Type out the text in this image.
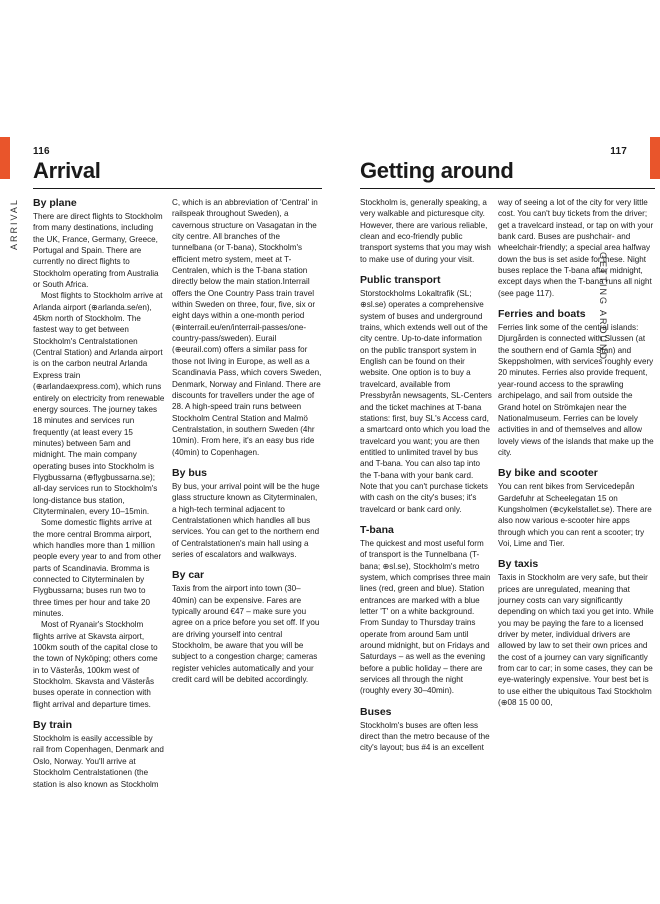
116	117
Arrival	Getting around
ARRIVAL
GETTING AROUND
By plane

There are direct flights to Stockholm from many destinations, including the UK, France, Germany, Greece, Portugal and Spain. There are currently no direct flights to Stockholm operating from Australia or South Africa.

Most flights to Stockholm arrive at Arlanda airport (⊕arlanda.se/en), 45km north of Stockholm. The fastest way to get between Stockholm's Centralstationen (Central Station) and Arlanda airport is on the carbon neutral Arlanda Express train (⊕arlandaexpress.com), which runs entirely on electricity from renewable energy sources. The journey takes 18 minutes and services run frequently (at least every 15 minutes) between 5am and midnight. The main company operating buses into Stockholm is Flygbussarna (⊕flygbussarna.se); all-day services run to Stockholm's long-distance bus station, Cityterminalen, every 10–15min.

Some domestic flights arrive at the more central Bromma airport, which handles more than 1 million people every year to and from other parts of Scandinavia. Bromma is connected to Cityterminalen by Flygbussarna; buses run two to three times per hour and take 20 minutes.

Most of Ryanair's Stockholm flights arrive at Skavsta airport, 100km south of the capital close to the town of Nyköping; others come in to Västerås, 100km west of Stockholm. Skavsta and Västerås buses operate in connection with flight arrival and departure times.

By train

Stockholm is easily accessible by rail from Copenhagen, Denmark and Oslo, Norway. You'll arrive at Stockholm Centralstationen (the station is also known as Stockholm

C, which is an abbreviation of 'Central' in railspeak throughout Sweden), a cavernous structure on Vasagatan in the city centre. All branches of the tunnelbana (or T-bana), Stockholm's efficient metro system, meet at T-Centralen, which is the T-bana station directly below the main station.Interrail offers the One Country Pass train travel within Sweden on three, four, five, six or eight days within a one-month period (⊕interrail.eu/en/interrail-passes/one-country-pass/sweden). Eurail (⊕eurail.com) offers a similar pass for those not living in Europe, as well as a Scandinavia Pass, which covers Sweden, Denmark, Norway and Finland. There are discounts for travellers under the age of 28. A high-speed train runs between Stockholm Central Station and Malmö Centralstation, in southern Sweden (4hr 10min). From here, it's an easy bus ride (40min) to Copenhagen.

By bus

By bus, your arrival point will be the huge glass structure known as Cityterminalen, a high-tech terminal adjacent to Centralstationen which handles all bus services. You can get to the northern end of Centralstationen's main hall using a series of escalators and walkways.

By car

Taxis from the airport into town (30–40min) can be expensive. Fares are typically around €47 – make sure you agree on a price before you set off. If you are driving yourself into central Stockholm, be aware that you will be subject to a congestion charge; cameras register vehicles automatically and your credit card will be debited accordingly.

Stockholm is, generally speaking, a very walkable and picturesque city. However, there are various reliable, clean and eco-friendly public transport systems that you may wish to make use of during your visit.

Public transport

Storstockholms Lokaltrafik (SL; ⊕sl.se) operates a comprehensive system of buses and underground trains, which extends well out of the city centre. Up-to-date information on the public transport system in English can be found on their website. One option is to buy a travelcard, available from Pressbyrån newsagents, SL-Centers and the ticket machines at T-bana stations: first, buy SL's Access card, a smartcard onto which you load the travelcard you want; you are then entitled to unlimited travel by bus and T-bana. You can also tap into the T-bana with your bank card. Note that you can't purchase tickets with cash on the city's buses; it's travelcard or bank card only.

T-bana

The quickest and most useful form of transport is the Tunnelbana (T-bana; ⊕sl.se), Stockholm's metro system, which comprises three main lines (red, green and blue). Station entrances are marked with a blue letter 'T' on a white background. From Sunday to Thursday trains operate from around 5am until around midnight, but on Fridays and Saturdays – as well as the evening before a public holiday – there are services all through the night (roughly every 30–40min).

Buses

Stockholm's buses are often less direct than the metro because of the city's layout; bus #4 is an excellent

way of seeing a lot of the city for very little cost. You can't buy tickets from the driver; get a travelcard instead, or tap on with your bank card. Buses are pushchair- and wheelchair-friendly; a special area halfway down the bus is set aside for these. Night buses replace the T-bana after midnight, except days when the T-bana runs all night (see page 117).

Ferries and boats

Ferries link some of the central islands: Djurgården is connected with Slussen (at the southern end of Gamla Stan) and Skeppsholmen, with services roughly every 20 minutes. Ferries also provide frequent, year-round access to the sprawling archipelago, and sail from outside the Grand hotel on Strömkajen near the Nationalmuseum. Ferries can be lovely activities in and of themselves and allow lovely views of the islands that make up the city.

By bike and scooter

You can rent bikes from Servicedepån Gardefuhr at Scheelegatan 15 on Kungsholmen (⊕cykelstallet.se). There are also now various e-scooter hire apps through which you can rent a scooter; try Voi, Lime and Tier.

By taxis

Taxis in Stockholm are very safe, but their prices are unregulated, meaning that journey costs can vary significantly depending on which taxi you get into. While you may be paying the fare to a licensed driver by meter, individual drivers are allowed by law to set their own prices and the cost of a journey can vary significantly from car to car; in some cases, they can be eye-wateringly expensive. Your best bet is to use either the ubiquitous Taxi Stockholm (⊕08 15 00 00,
